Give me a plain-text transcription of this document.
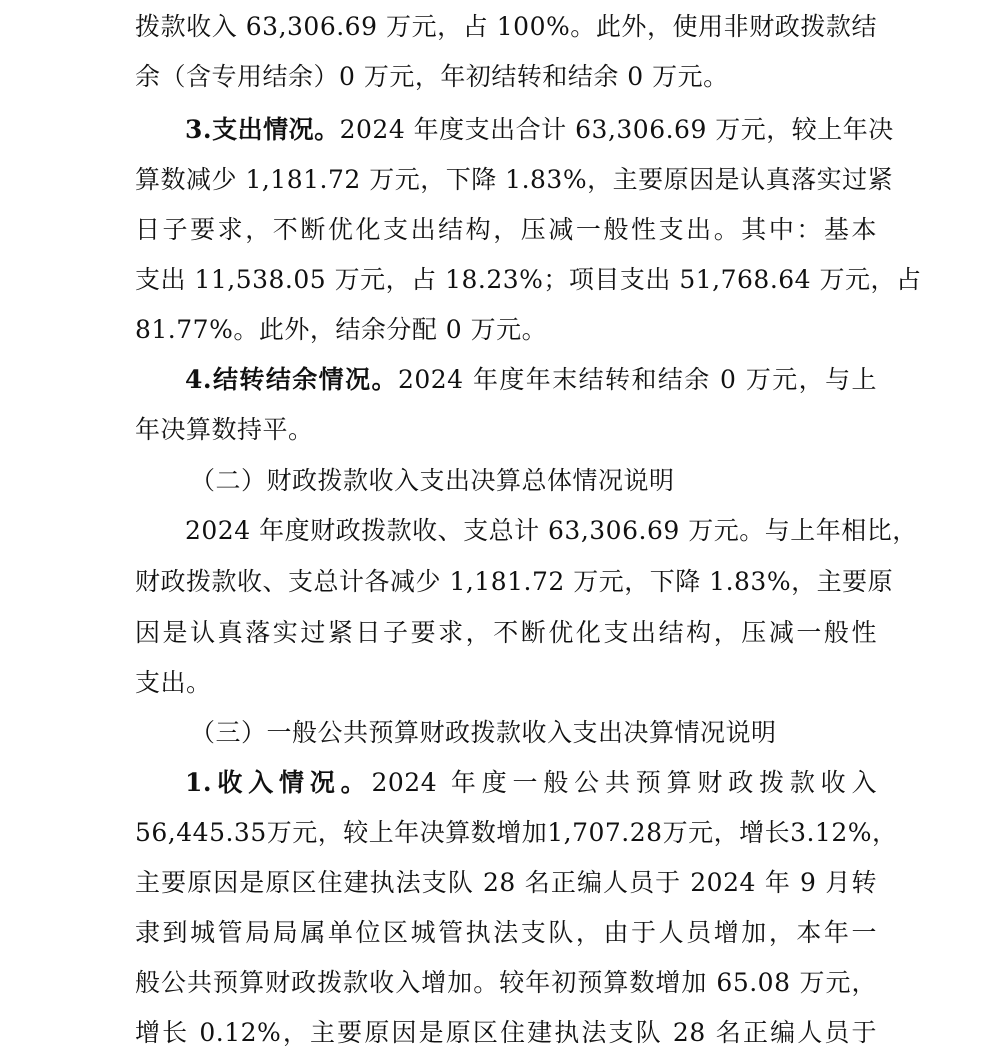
拨款收入 63,306.69 万元，占 100%。此外，使用非财政拨款结
余（含专用结余）0 万元，年初结转和结余 0 万元。
3.支出情况。2024 年度支出合计 63,306.69 万元，较上年决
算数减少 1,181.72 万元，下降 1.83%，主要原因是认真落实过紧
日子要求，不断优化支出结构，压减一般性支出。其中：基本
支出 11,538.05 万元，占 18.23%；项目支出 51,768.64 万元，占
81.77%。此外，结余分配 0 万元。
4.结转结余情况。2024 年度年末结转和结余 0 万元，与上
年决算数持平。
（二）财政拨款收入支出决算总体情况说明
2024 年度财政拨款收、支总计 63,306.69 万元。与上年相比，
财政拨款收、支总计各减少 1,181.72 万元，下降 1.83%，主要原
因是认真落实过紧日子要求，不断优化支出结构，压减一般性
支出。
（三）一般公共预算财政拨款收入支出决算情况说明
1.收入情况。2024 年度一般公共预算财政拨款收入
56,445.35万元，较上年决算数增加1,707.28万元，增长3.12%，
主要原因是原区住建执法支队 28 名正编人员于 2024 年 9 月转
隶到城管局局属单位区城管执法支队，由于人员增加，本年一
般公共预算财政拨款收入增加。较年初预算数增加 65.08 万元，
增长 0.12%，主要原因是原区住建执法支队 28 名正编人员于
